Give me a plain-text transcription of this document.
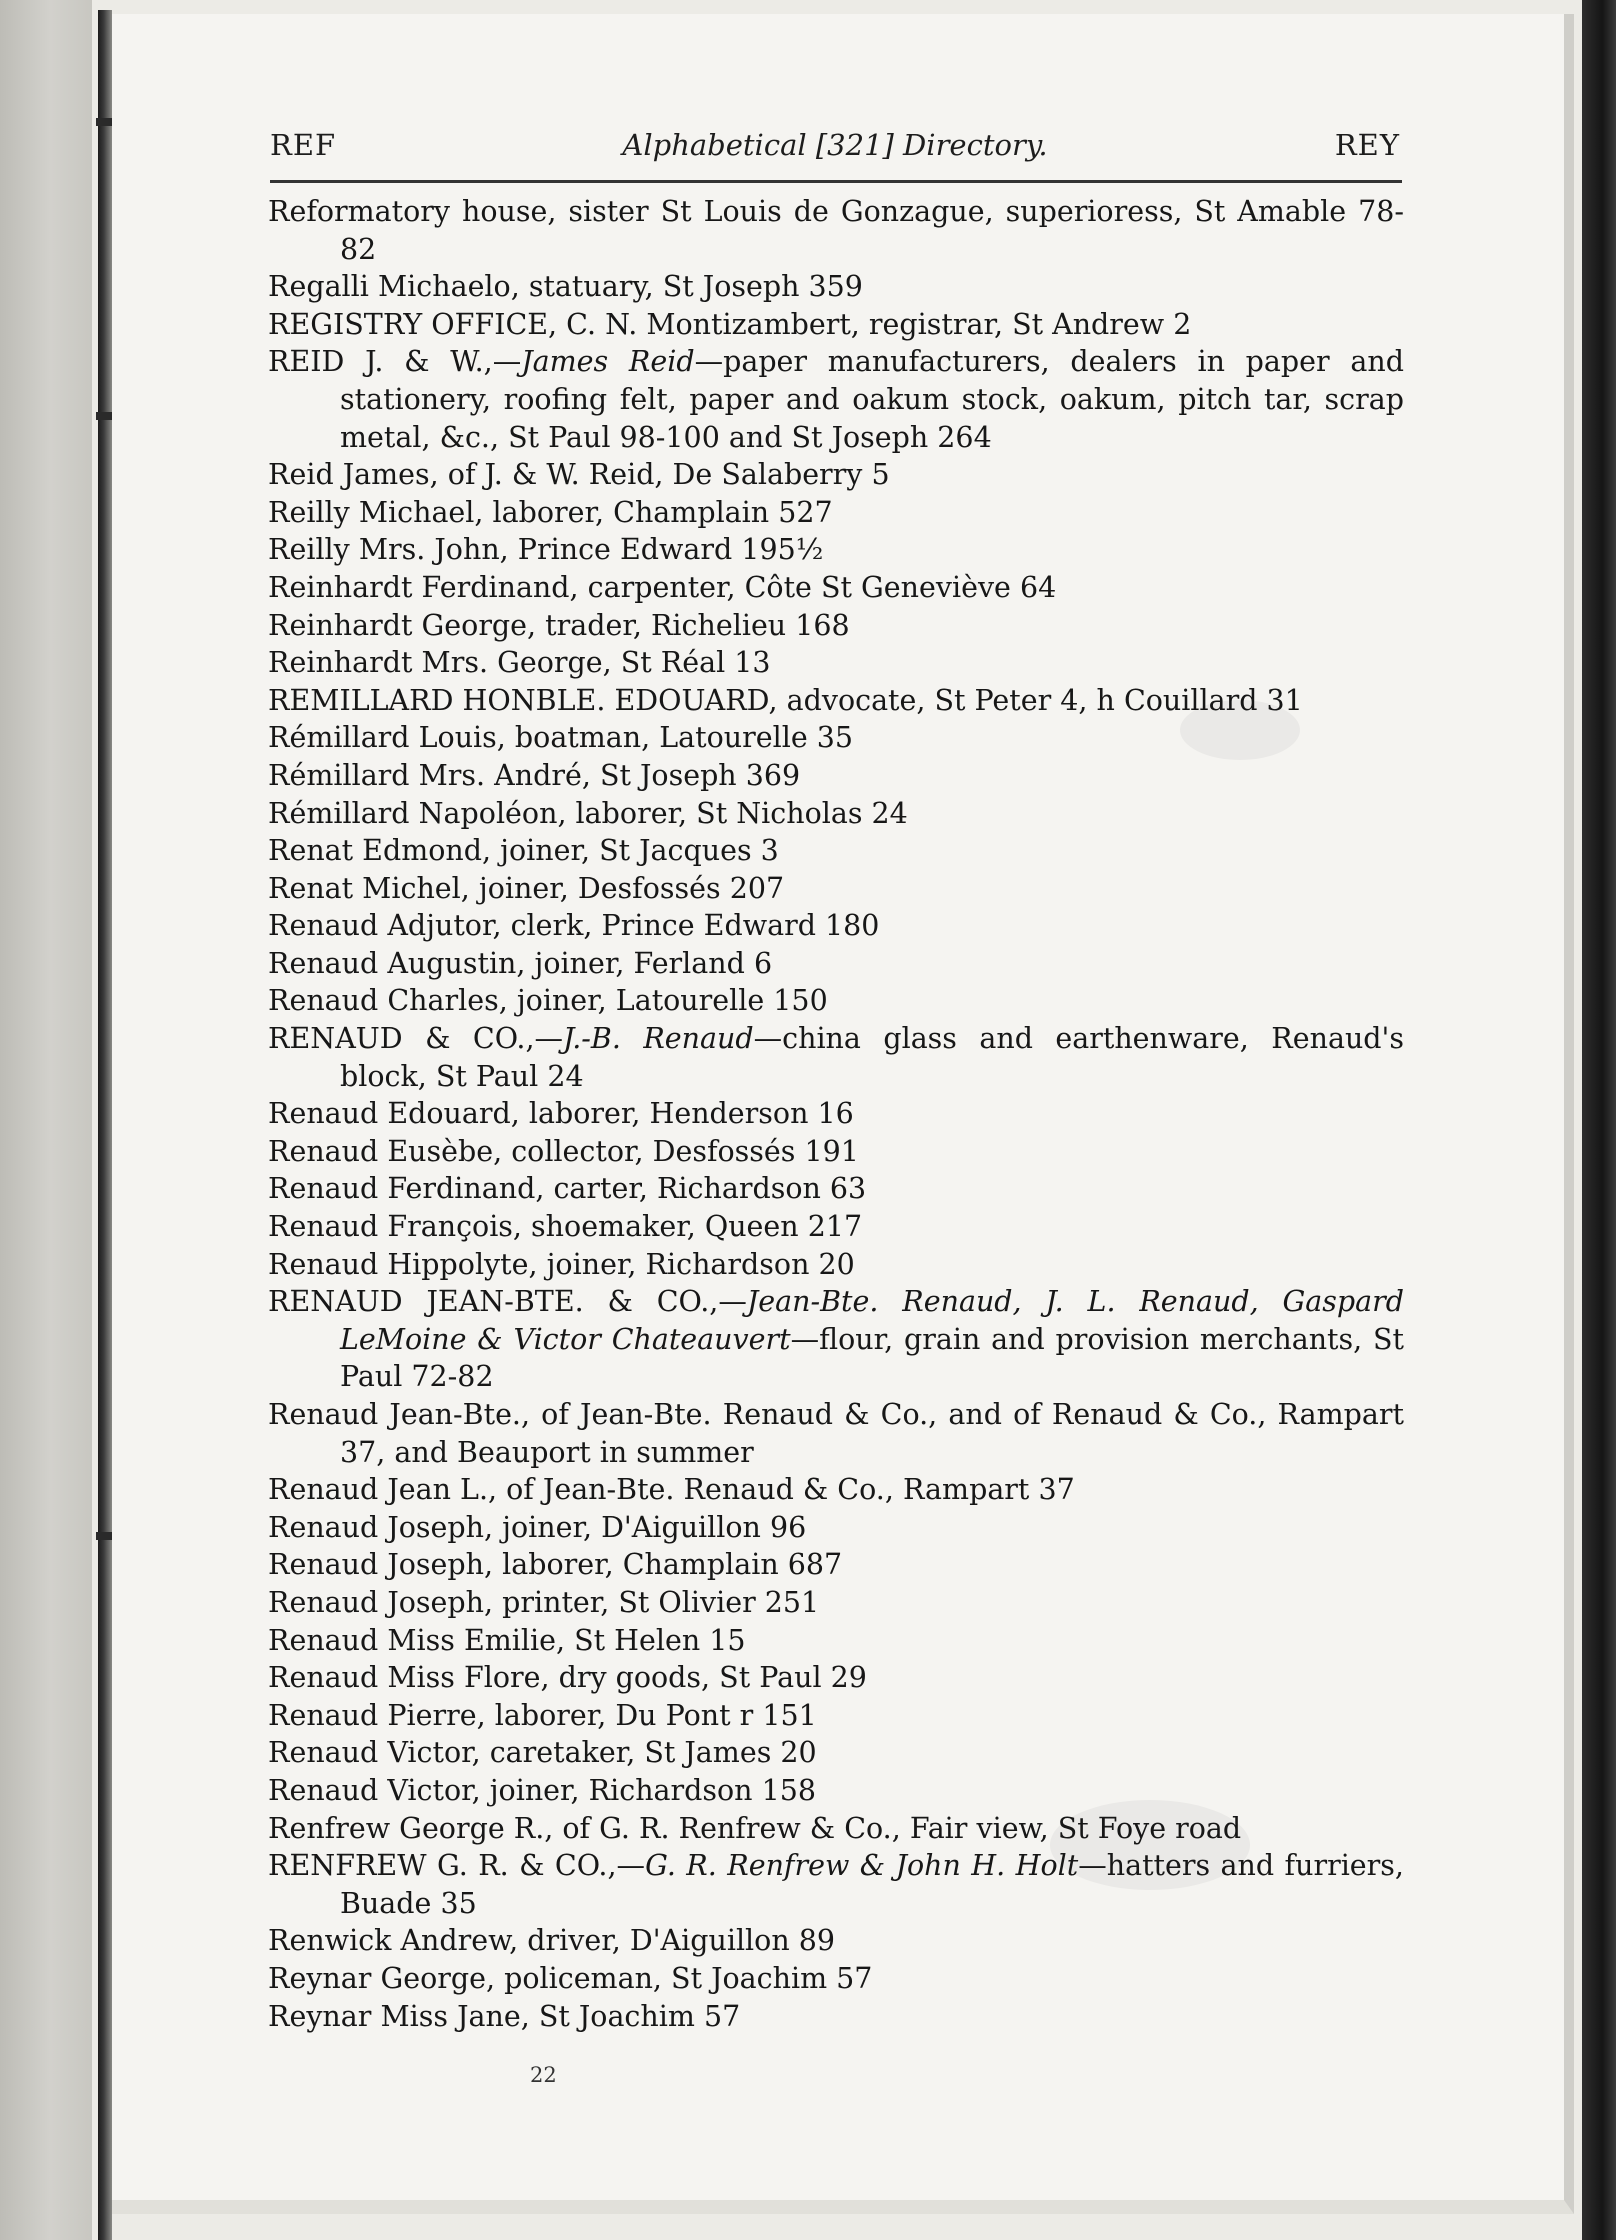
REF	Alphabetical [321] Directory.	REY
Reformatory house, sister St Louis de Gonzague, superioress, St Amable 78-82
Regalli Michaelo, statuary, St Joseph 359
REGISTRY OFFICE, C. N. Montizambert, registrar, St Andrew 2
REID J. & W.,—James Reid—paper manufacturers, dealers in paper and stationery, roofing felt, paper and oakum stock, oakum, pitch tar, scrap metal, &c., St Paul 98-100 and St Joseph 264
Reid James, of J. & W. Reid, De Salaberry 5
Reilly Michael, laborer, Champlain 527
Reilly Mrs. John, Prince Edward 195½
Reinhardt Ferdinand, carpenter, Côte St Geneviève 64
Reinhardt George, trader, Richelieu 168
Reinhardt Mrs. George, St Réal 13
REMILLARD HONBLE. EDOUARD, advocate, St Peter 4, h Couillard 31
Rémillard Louis, boatman, Latourelle 35
Rémillard Mrs. André, St Joseph 369
Rémillard Napoléon, laborer, St Nicholas 24
Renat Edmond, joiner, St Jacques 3
Renat Michel, joiner, Desfossés 207
Renaud Adjutor, clerk, Prince Edward 180
Renaud Augustin, joiner, Ferland 6
Renaud Charles, joiner, Latourelle 150
RENAUD & CO.,—J.-B. Renaud—china glass and earthenware, Renaud's block, St Paul 24
Renaud Edouard, laborer, Henderson 16
Renaud Eusèbe, collector, Desfossés 191
Renaud Ferdinand, carter, Richardson 63
Renaud François, shoemaker, Queen 217
Renaud Hippolyte, joiner, Richardson 20
RENAUD JEAN-BTE. & CO.,—Jean-Bte. Renaud, J. L. Renaud, Gaspard LeMoine & Victor Chateauvert—flour, grain and provision merchants, St Paul 72-82
Renaud Jean-Bte., of Jean-Bte. Renaud & Co., and of Renaud & Co., Rampart 37, and Beauport in summer
Renaud Jean L., of Jean-Bte. Renaud & Co., Rampart 37
Renaud Joseph, joiner, D'Aiguillon 96
Renaud Joseph, laborer, Champlain 687
Renaud Joseph, printer, St Olivier 251
Renaud Miss Emilie, St Helen 15
Renaud Miss Flore, dry goods, St Paul 29
Renaud Pierre, laborer, Du Pont r 151
Renaud Victor, caretaker, St James 20
Renaud Victor, joiner, Richardson 158
Renfrew George R., of G. R. Renfrew & Co., Fair view, St Foye road
RENFREW G. R. & CO.,—G. R. Renfrew & John H. Holt—hatters and furriers, Buade 35
Renwick Andrew, driver, D'Aiguillon 89
Reynar George, policeman, St Joachim 57
Reynar Miss Jane, St Joachim 57
22
